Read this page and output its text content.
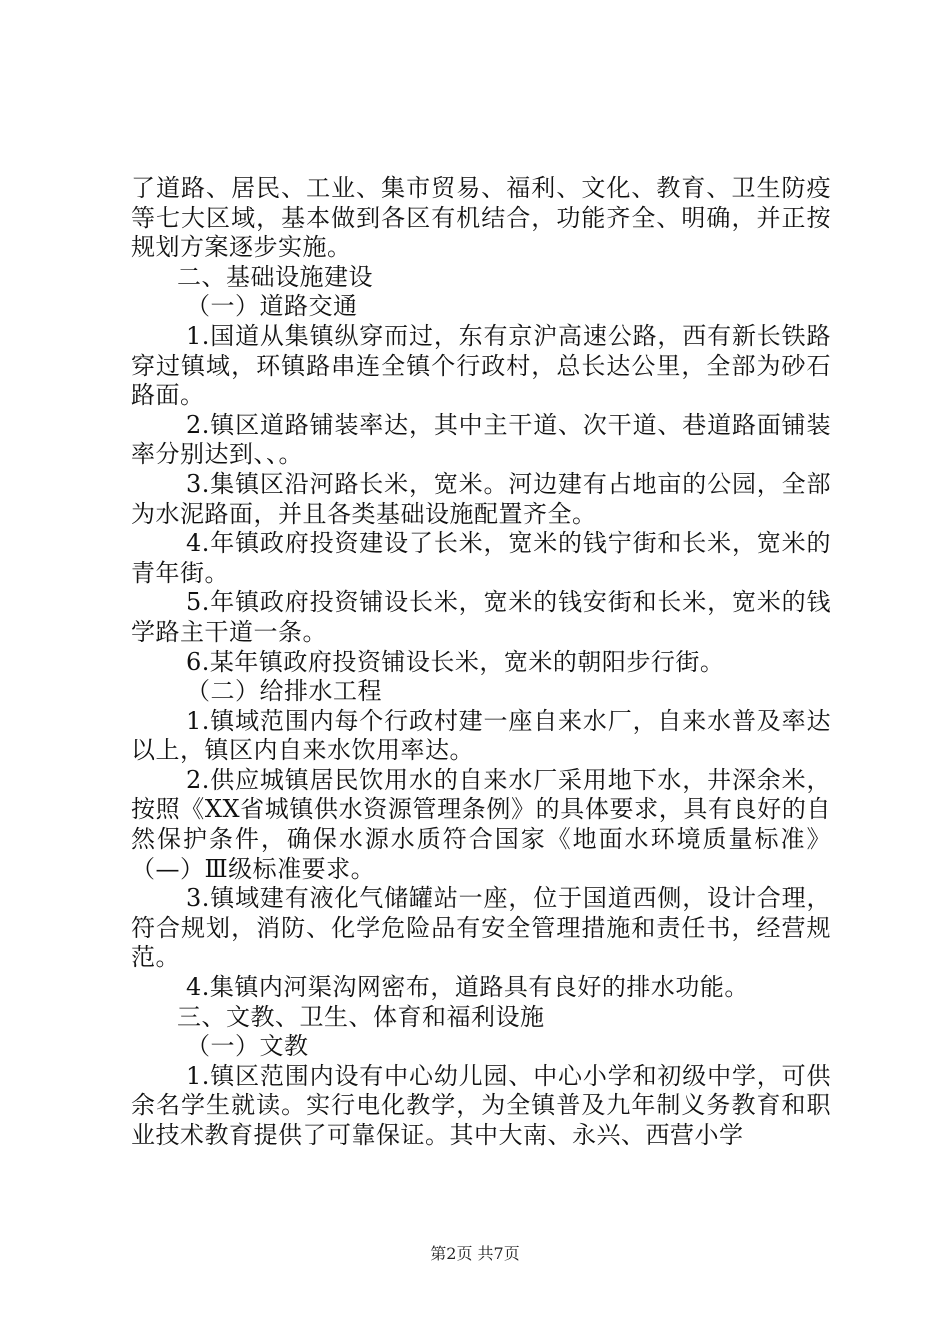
了道路、居民、工业、集市贸易、福利、文化、教育、卫生防疫等七大区域，基本做到各区有机结合，功能齐全、明确，并正按规划方案逐步实施。

二、基础设施建设

（一）道路交通

1.国道从集镇纵穿而过，东有京沪高速公路，西有新长铁路穿过镇域，环镇路串连全镇个行政村，总长达公里，全部为砂石路面。

2.镇区道路铺装率达，其中主干道、次干道、巷道路面铺装率分别达到、、。

3.集镇区沿河路长米，宽米。河边建有占地亩的公园，全部为水泥路面，并且各类基础设施配置齐全。

4.年镇政府投资建设了长米，宽米的钱宁街和长米，宽米的青年街。

5.年镇政府投资铺设长米，宽米的钱安街和长米，宽米的钱学路主干道一条。

6.某年镇政府投资铺设长米，宽米的朝阳步行街。

（二）给排水工程

1.镇域范围内每个行政村建一座自来水厂，自来水普及率达以上，镇区内自来水饮用率达。

2.供应城镇居民饮用水的自来水厂采用地下水，井深余米，按照《XX省城镇供水资源管理条例》的具体要求，具有良好的自然保护条件，确保水源水质符合国家《地面水环境质量标准》（—）Ⅲ级标准要求。

3.镇域建有液化气储罐站一座，位于国道西侧，设计合理，符合规划，消防、化学危险品有安全管理措施和责任书，经营规范。

4.集镇内河渠沟网密布，道路具有良好的排水功能。

三、文教、卫生、体育和福利设施

（一）文教

1.镇区范围内设有中心幼儿园、中心小学和初级中学，可供余名学生就读。实行电化教学，为全镇普及九年制义务教育和职业技术教育提供了可靠保证。其中大南、永兴、西营小学

第2页 共7页
